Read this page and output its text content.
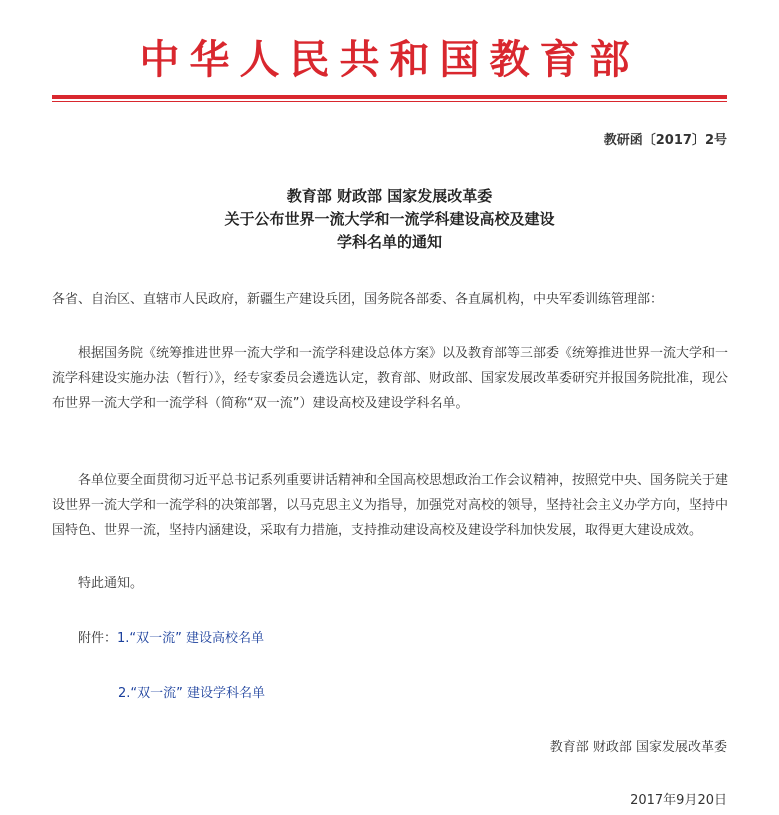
中华人民共和国教育部
教研函〔2017〕2号
教育部 财政部 国家发展改革委
关于公布世界一流大学和一流学科建设高校及建设
学科名单的通知
各省、自治区、直辖市人民政府，新疆生产建设兵团，国务院各部委、各直属机构，中央军委训练管理部：
根据国务院《统筹推进世界一流大学和一流学科建设总体方案》以及教育部等三部委《统筹推进世界一流大学和一流学科建设实施办法（暂行）》，经专家委员会遴选认定，教育部、财政部、国家发展改革委研究并报国务院批准，现公布世界一流大学和一流学科（简称“双一流”）建设高校及建设学科名单。
各单位要全面贯彻习近平总书记系列重要讲话精神和全国高校思想政治工作会议精神，按照党中央、国务院关于建设世界一流大学和一流学科的决策部署，以马克思主义为指导，加强党对高校的领导，坚持社会主义办学方向，坚持中国特色、世界一流，坚持内涵建设，采取有力措施，支持推动建设高校及建设学科加快发展，取得更大建设成效。
特此通知。
附件：1.“双一流” 建设高校名单
2.“双一流” 建设学科名单
教育部 财政部 国家发展改革委
2017年9月20日
